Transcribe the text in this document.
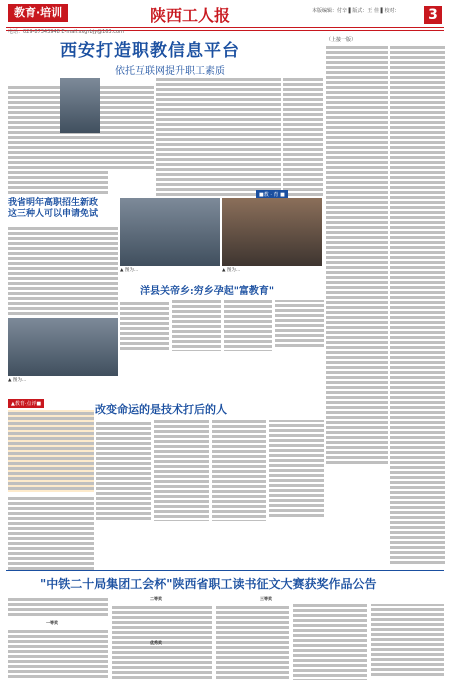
教育·培训	陕西工人报	本版编辑：付辛 ▌版式：王 佳 ▌校对： 3
电话：029-87343948 E-mail:sxgrbjy@163.com
西安打造职教信息平台
依托互联网提升职工素质
■教 · 育 ■
（上接一版）
我省明年高职招生新政
这三种人可以申请免试
▲ 图为...	▲ 图为...
洋县关帝乡:穷乡孕起"富教育"
▲ 图为...
▲教育·点评■	改变命运的是技术打后的人
"中铁二十局集团工会杯"陕西省职工读书征文大赛获奖作品公告
一等奖
二等奖
优秀奖
三等奖
